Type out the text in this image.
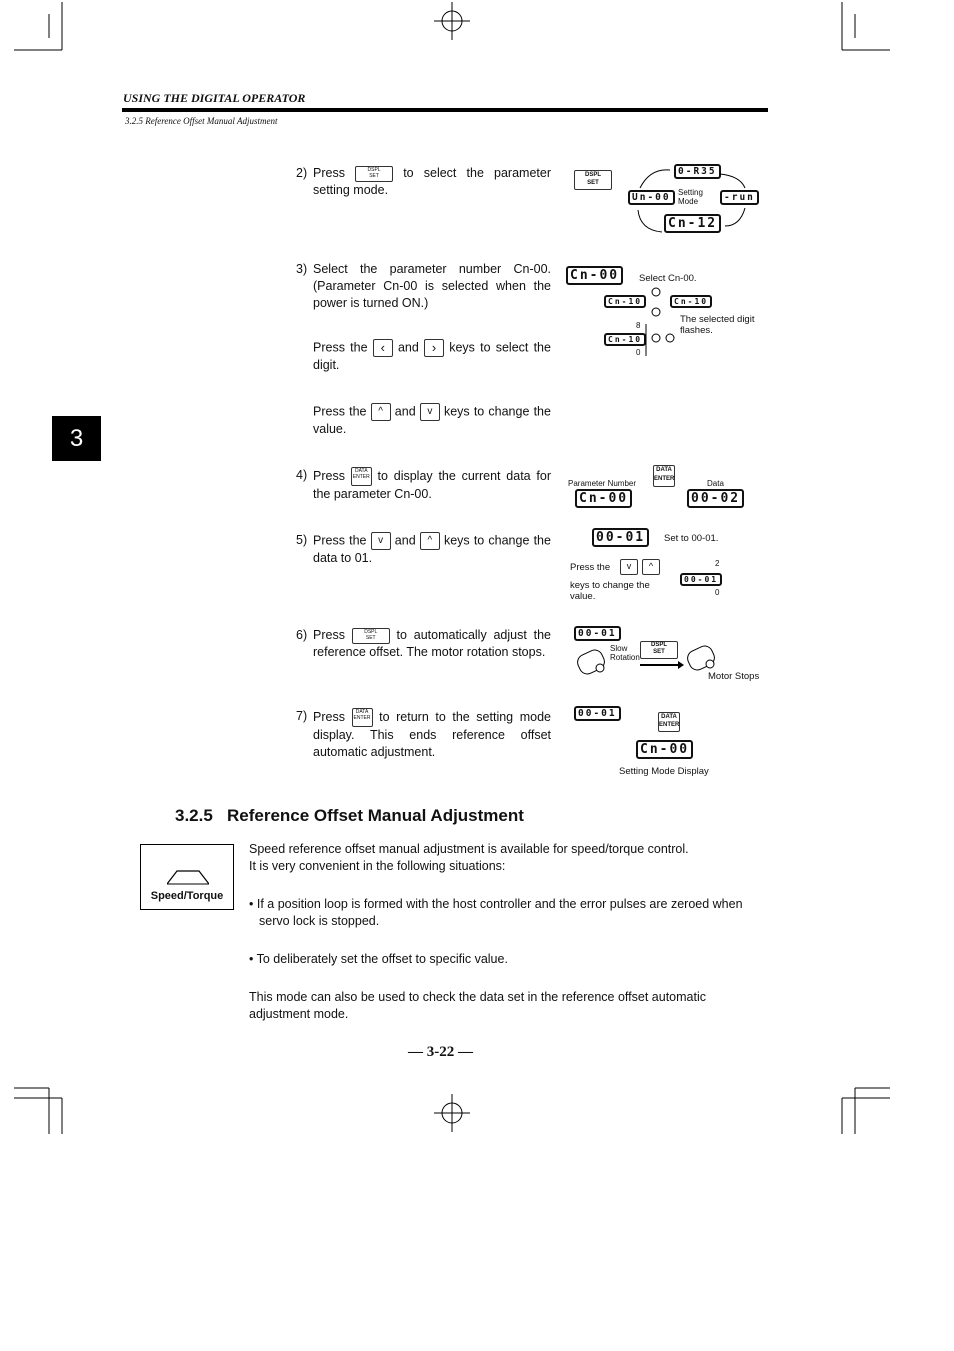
USING THE DIGITAL OPERATOR
3.2.5 Reference Offset Manual Adjustment
3
2) Press	DSPL
SET to select the parameter setting mode.
DSPL
SET
0-R35
Un-00 Setting Mode	-run
Cn-12
3) Select the parameter number Cn-00. (Parameter Cn-00 is selected when the power is turned ON.)
Press the ‹ and › keys to select the digit.
Press the ^ and v keys to change the value.
Cn-00	Select Cn-00.
Cn-10	Cn-10
The selected digit flashes.
8
Cn-10
0
4) Press DATA
ENTER to display the current data for the parameter Cn-00.
Parameter Number
DATA
ENTER	Data
Cn-00	00-02
5) Press the v and ^ keys to change the data to 01.
00-01	Set to 00-01.
Press the	v	^
keys to change the value.
2
00-01
0
6) Press	DSPL
SET to automatically adjust the reference offset. The motor rotation stops.
00-01
Slow Rotation
DSPL
SET
Motor Stops
7) Press DATA
ENTER to return to the setting mode display. This ends reference offset automatic adjustment.
00-01	DATA
ENTER
Cn-00
Setting Mode Display
3.2.5 Reference Offset Manual Adjustment
Speed/Torque
Speed reference offset manual adjustment is available for speed/torque control.
It is very convenient in the following situations:
• If a position loop is formed with the host controller and the error pulses are zeroed when servo lock is stopped.
• To deliberately set the offset to specific value.
This mode can also be used to check the data set in the reference offset automatic adjustment mode.
— 3-22 —
